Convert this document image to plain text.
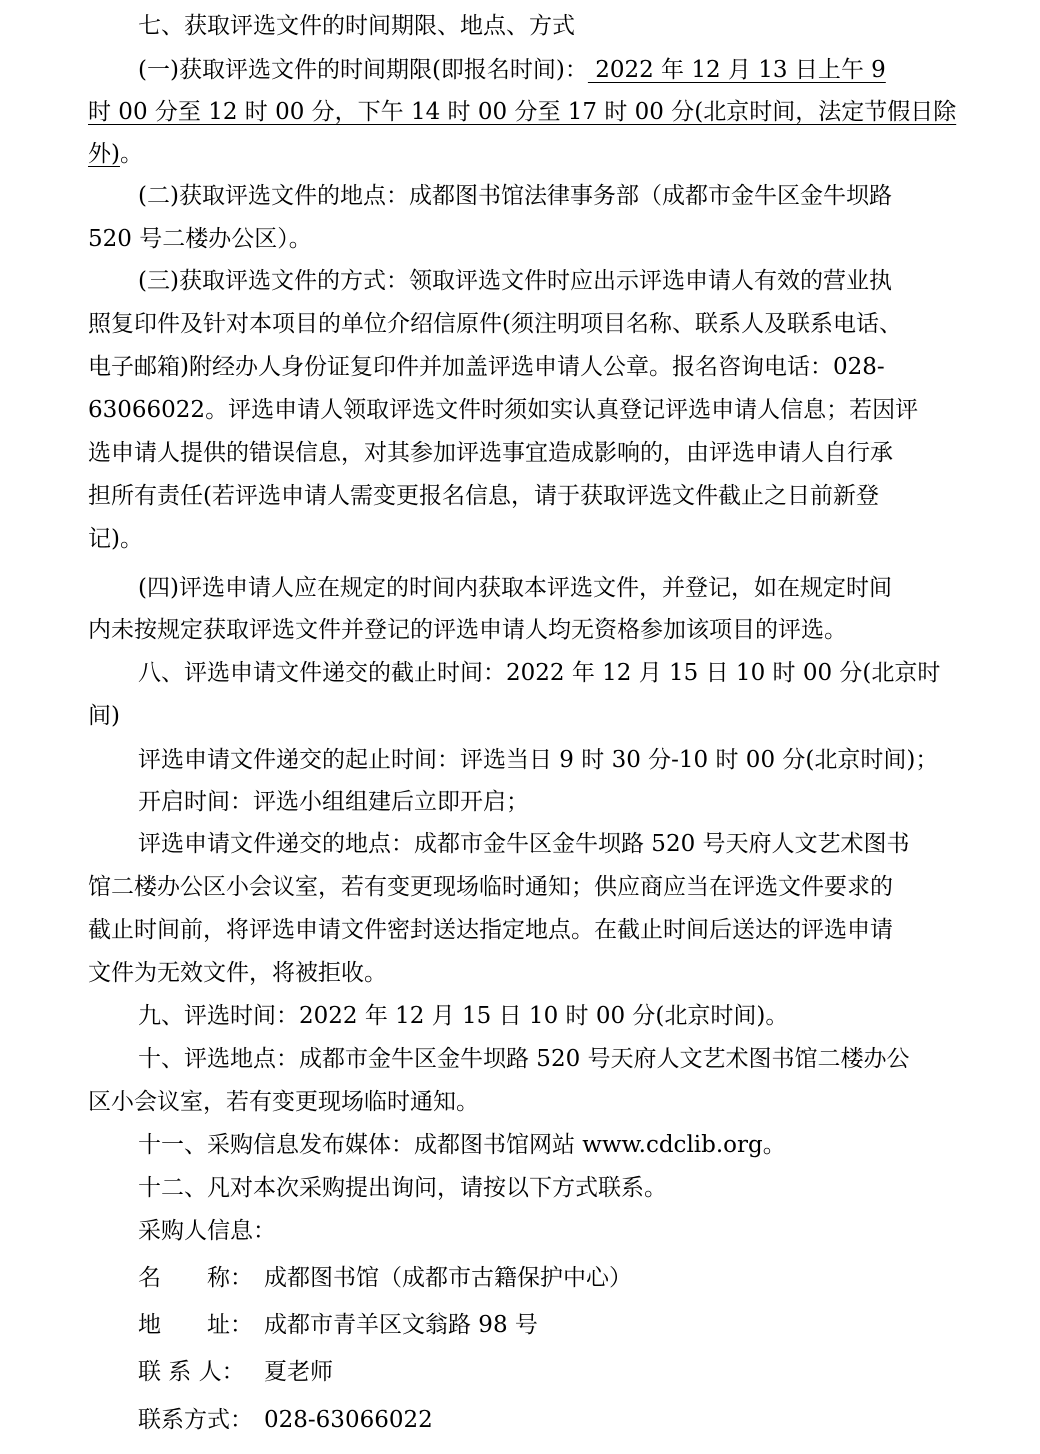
七、获取评选文件的时间期限、地点、方式
(一)获取评选文件的时间期限(即报名时间)： 2022 年 12 月 13 日上午 9
时 00 分至 12 时 00 分，下午 14 时 00 分至 17 时 00 分(北京时间，法定节假日除
外)。
(二)获取评选文件的地点：成都图书馆法律事务部（成都市金牛区金牛坝路
520 号二楼办公区）。
(三)获取评选文件的方式：领取评选文件时应出示评选申请人有效的营业执
照复印件及针对本项目的单位介绍信原件(须注明项目名称、联系人及联系电话、
电子邮箱)附经办人身份证复印件并加盖评选申请人公章。报名咨询电话：028-
63066022。评选申请人领取评选文件时须如实认真登记评选申请人信息；若因评
选申请人提供的错误信息，对其参加评选事宜造成影响的，由评选申请人自行承
担所有责任(若评选申请人需变更报名信息，请于获取评选文件截止之日前新登
记)。
(四)评选申请人应在规定的时间内获取本评选文件，并登记，如在规定时间
内未按规定获取评选文件并登记的评选申请人均无资格参加该项目的评选。
八、评选申请文件递交的截止时间：2022 年 12 月 15 日 10 时 00 分(北京时
间)
评选申请文件递交的起止时间：评选当日 9 时 30 分-10 时 00 分(北京时间)；
开启时间：评选小组组建后立即开启；
评选申请文件递交的地点：成都市金牛区金牛坝路 520 号天府人文艺术图书
馆二楼办公区小会议室，若有变更现场临时通知；供应商应当在评选文件要求的
截止时间前，将评选申请文件密封送达指定地点。在截止时间后送达的评选申请
文件为无效文件，将被拒收。
九、评选时间：2022 年 12 月 15 日 10 时 00 分(北京时间)。
十、评选地点：成都市金牛区金牛坝路 520 号天府人文艺术图书馆二楼办公
区小会议室，若有变更现场临时通知。
十一、采购信息发布媒体：成都图书馆网站 www.cdclib.org。
十二、凡对本次采购提出询问，请按以下方式联系。
采购人信息：
名　　称： 成都图书馆（成都市古籍保护中心）
地　　址： 成都市青羊区文翁路 98 号
联 系 人： 夏老师
联系方式： 028-63066022
